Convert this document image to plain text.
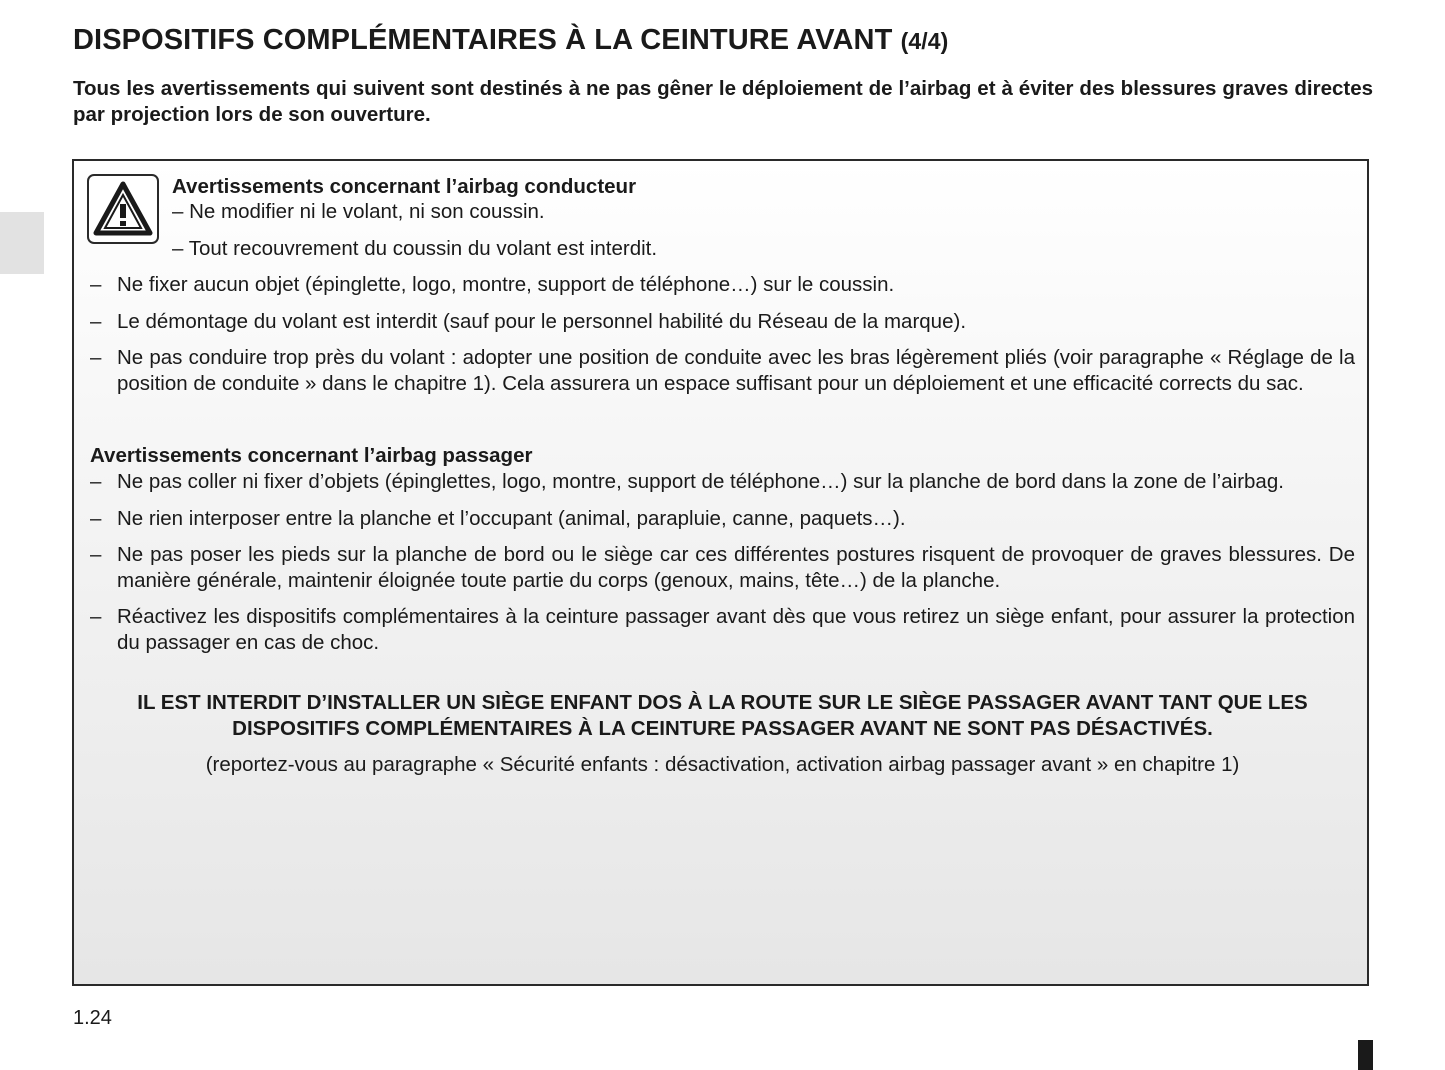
DISPOSITIFS COMPLÉMENTAIRES À LA CEINTURE AVANT (4/4)

Tous les avertissements qui suivent sont destinés à ne pas gêner le déploiement de l’airbag et à éviter des blessures graves directes par projection lors de son ouverture.

Avertissements concernant l’airbag conducteur

– Ne modifier ni le volant, ni son coussin.

– Tout recouvrement du coussin du volant est interdit.

– Ne fixer aucun objet (épinglette, logo, montre, support de téléphone…) sur le coussin.
– Le démontage du volant est interdit (sauf pour le personnel habilité du Réseau de la marque).
– Ne pas conduire trop près du volant : adopter une position de conduite avec les bras légèrement pliés (voir paragraphe « Réglage de la position de conduite » dans le chapitre 1). Cela assurera un espace suffisant pour un déploiement et une efficacité corrects du sac.

Avertissements concernant l’airbag passager

– Ne pas coller ni fixer d’objets (épinglettes, logo, montre, support de téléphone…) sur la planche de bord dans la zone de l’airbag.
– Ne rien interposer entre la planche et l’occupant (animal, parapluie, canne, paquets…).
– Ne pas poser les pieds sur la planche de bord ou le siège car ces différentes postures risquent de provoquer de graves blessures. De manière générale, maintenir éloignée toute partie du corps (genoux, mains, tête…) de la planche.
– Réactivez les dispositifs complémentaires à la ceinture passager avant dès que vous retirez un siège enfant, pour assurer la protection du passager en cas de choc.

IL EST INTERDIT D’INSTALLER UN SIÈGE ENFANT DOS À LA ROUTE SUR LE SIÈGE PASSAGER AVANT TANT QUE LES DISPOSITIFS COMPLÉMENTAIRES À LA CEINTURE PASSAGER AVANT NE SONT PAS DÉSACTIVÉS.

(reportez-vous au paragraphe « Sécurité enfants : désactivation, activation airbag passager avant » en chapitre 1)

1.24
